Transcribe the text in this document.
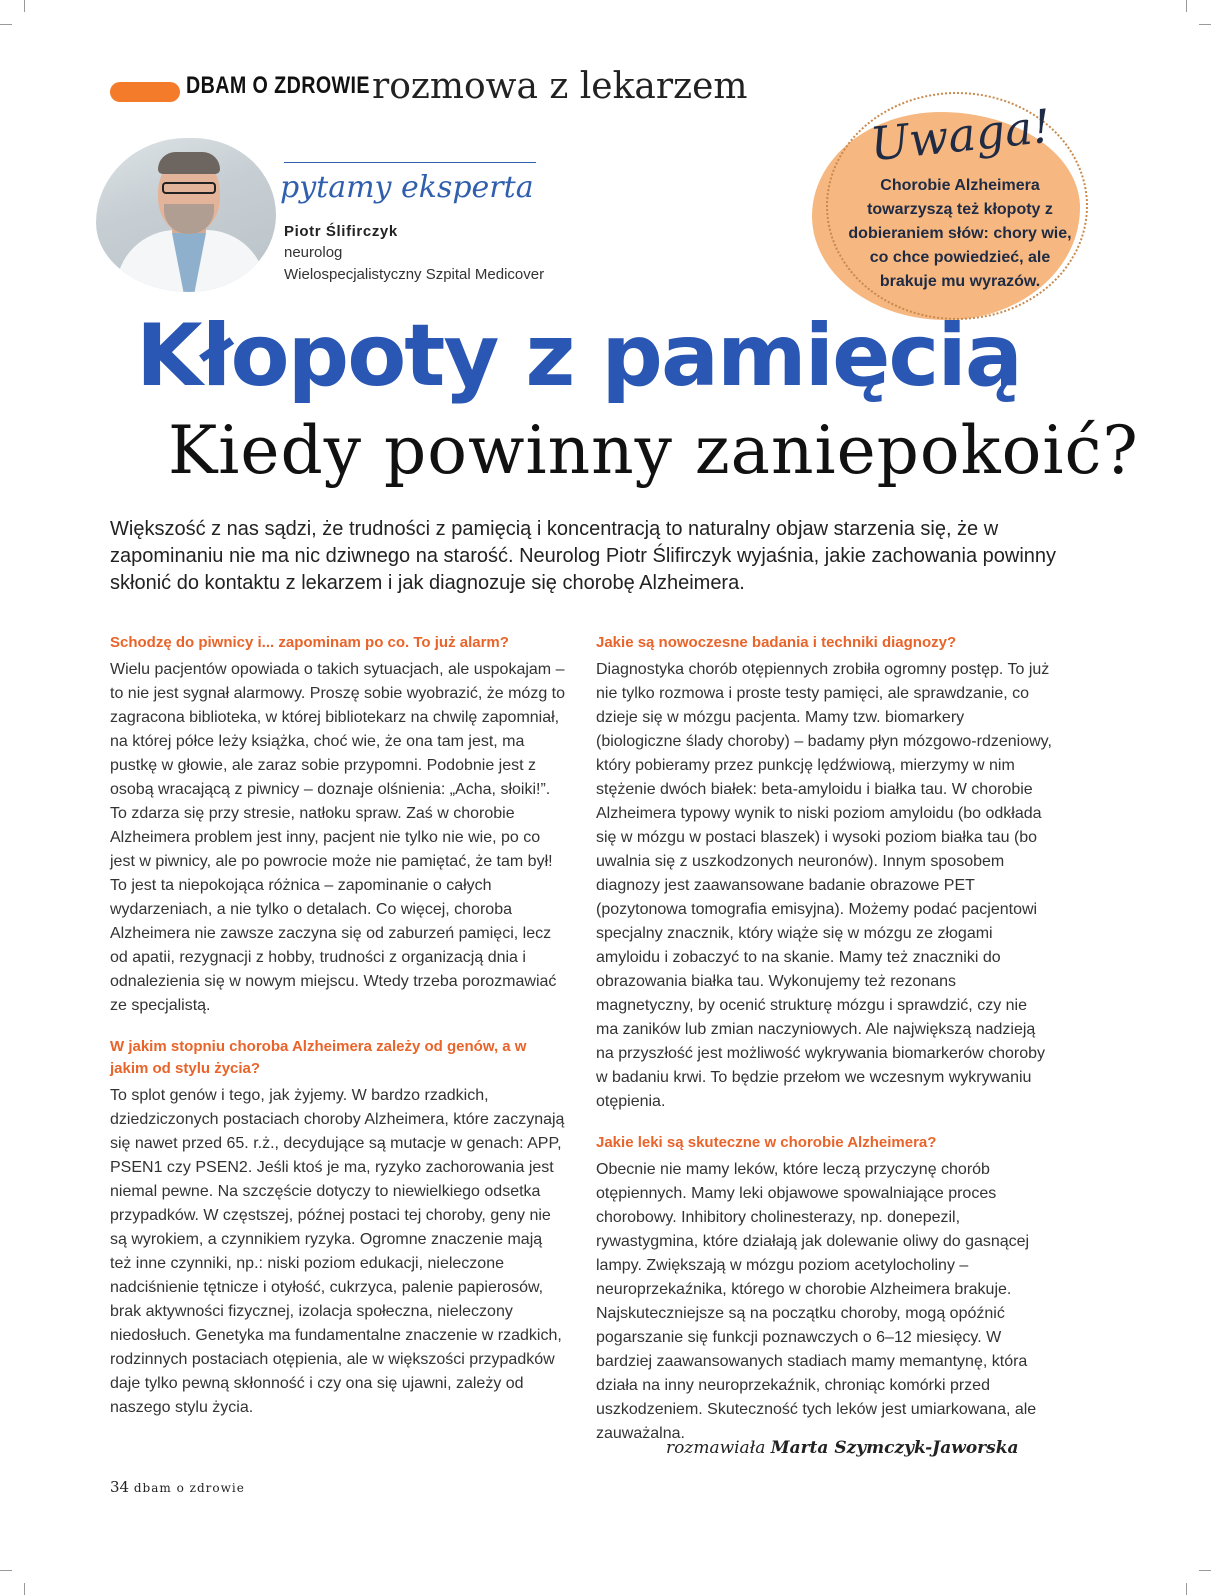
DBAM O ZDROWIE rozmowa z lekarzem
pytamy eksperta
Piotr Ślifirczyk
neurolog
Wielospecjalistyczny Szpital Medicover
Uwaga!
Chorobie Alzheimera towarzyszą też kłopoty z dobieraniem słów: chory wie, co chce powiedzieć, ale brakuje mu wyrazów.
Kłopoty z pamięcią
Kiedy powinny zaniepokoić?
Większość z nas sądzi, że trudności z pamięcią i koncentracją to naturalny objaw starzenia się, że w zapominaniu nie ma nic dziwnego na starość. Neurolog Piotr Ślifirczyk wyjaśnia, jakie zachowania powinny skłonić do kontaktu z lekarzem i jak diagnozuje się chorobę Alzheimera.
Schodzę do piwnicy i... zapominam po co. To już alarm?
Wielu pacjentów opowiada o takich sytuacjach, ale uspokajam – to nie jest sygnał alarmowy. Proszę sobie wyobrazić, że mózg to zagracona biblioteka, w której bibliotekarz na chwilę zapomniał, na której półce leży książka, choć wie, że ona tam jest, ma pustkę w głowie, ale zaraz sobie przypomni. Podobnie jest z osobą wracającą z piwnicy – doznaje olśnienia: „Acha, słoiki!”. To zdarza się przy stresie, natłoku spraw. Zaś w chorobie Alzheimera problem jest inny, pacjent nie tylko nie wie, po co jest w piwnicy, ale po powrocie może nie pamiętać, że tam był! To jest ta niepokojąca różnica – zapominanie o całych wydarzeniach, a nie tylko o detalach. Co więcej, choroba Alzheimera nie zawsze zaczyna się od zaburzeń pamięci, lecz od apatii, rezygnacji z hobby, trudności z organizacją dnia i odnalezienia się w nowym miejscu. Wtedy trzeba porozmawiać ze specjalistą.
W jakim stopniu choroba Alzheimera zależy od genów, a w jakim od stylu życia?
To splot genów i tego, jak żyjemy. W bardzo rzadkich, dziedziczonych postaciach choroby Alzheimera, które zaczynają się nawet przed 65. r.ż., decydujące są mutacje w genach: APP, PSEN1 czy PSEN2. Jeśli ktoś je ma, ryzyko zachorowania jest niemal pewne. Na szczęście dotyczy to niewielkiego odsetka przypadków. W częstszej, późnej postaci tej choroby, geny nie są wyrokiem, a czynnikiem ryzyka. Ogromne znaczenie mają też inne czynniki, np.: niski poziom edukacji, nieleczone nadciśnienie tętnicze i otyłość, cukrzyca, palenie papierosów, brak aktywności fizycznej, izolacja społeczna, nieleczony niedosłuch. Genetyka ma fundamentalne znaczenie w rzadkich, rodzinnych postaciach otępienia, ale w większości przypadków daje tylko pewną skłonność i czy ona się ujawni, zależy od naszego stylu życia.
Jakie są nowoczesne badania i techniki diagnozy?
Diagnostyka chorób otępiennych zrobiła ogromny postęp. To już nie tylko rozmowa i proste testy pamięci, ale sprawdzanie, co dzieje się w mózgu pacjenta. Mamy tzw. biomarkery (biologiczne ślady choroby) – badamy płyn mózgowo-rdzeniowy, który pobieramy przez punkcję lędźwiową, mierzymy w nim stężenie dwóch białek: beta-amyloidu i białka tau. W chorobie Alzheimera typowy wynik to niski poziom amyloidu (bo odkłada się w mózgu w postaci blaszek) i wysoki poziom białka tau (bo uwalnia się z uszkodzonych neuronów). Innym sposobem diagnozy jest zaawansowane badanie obrazowe PET (pozytonowa tomografia emisyjna). Możemy podać pacjentowi specjalny znacznik, który wiąże się w mózgu ze złogami amyloidu i zobaczyć to na skanie. Mamy też znaczniki do obrazowania białka tau. Wykonujemy też rezonans magnetyczny, by ocenić strukturę mózgu i sprawdzić, czy nie ma zaników lub zmian naczyniowych. Ale największą nadzieją na przyszłość jest możliwość wykrywania biomarkerów choroby w badaniu krwi. To będzie przełom we wczesnym wykrywaniu otępienia.
Jakie leki są skuteczne w chorobie Alzheimera?
Obecnie nie mamy leków, które leczą przyczynę chorób otępiennych. Mamy leki objawowe spowalniające proces chorobowy. Inhibitory cholinesterazy, np. donepezil, rywastygmina, które działają jak dolewanie oliwy do gasnącej lampy. Zwiększają w mózgu poziom acetylocholiny – neuroprzekaźnika, którego w chorobie Alzheimera brakuje. Najskuteczniejsze są na początku choroby, mogą opóźnić pogarszanie się funkcji poznawczych o 6–12 miesięcy. W bardziej zaawansowanych stadiach mamy memantynę, która działa na inny neuroprzekaźnik, chroniąc komórki przed uszkodzeniem. Skuteczność tych leków jest umiarkowana, ale zauważalna.
rozmawiała Marta Szymczyk-Jaworska
34 dbam o zdrowie
